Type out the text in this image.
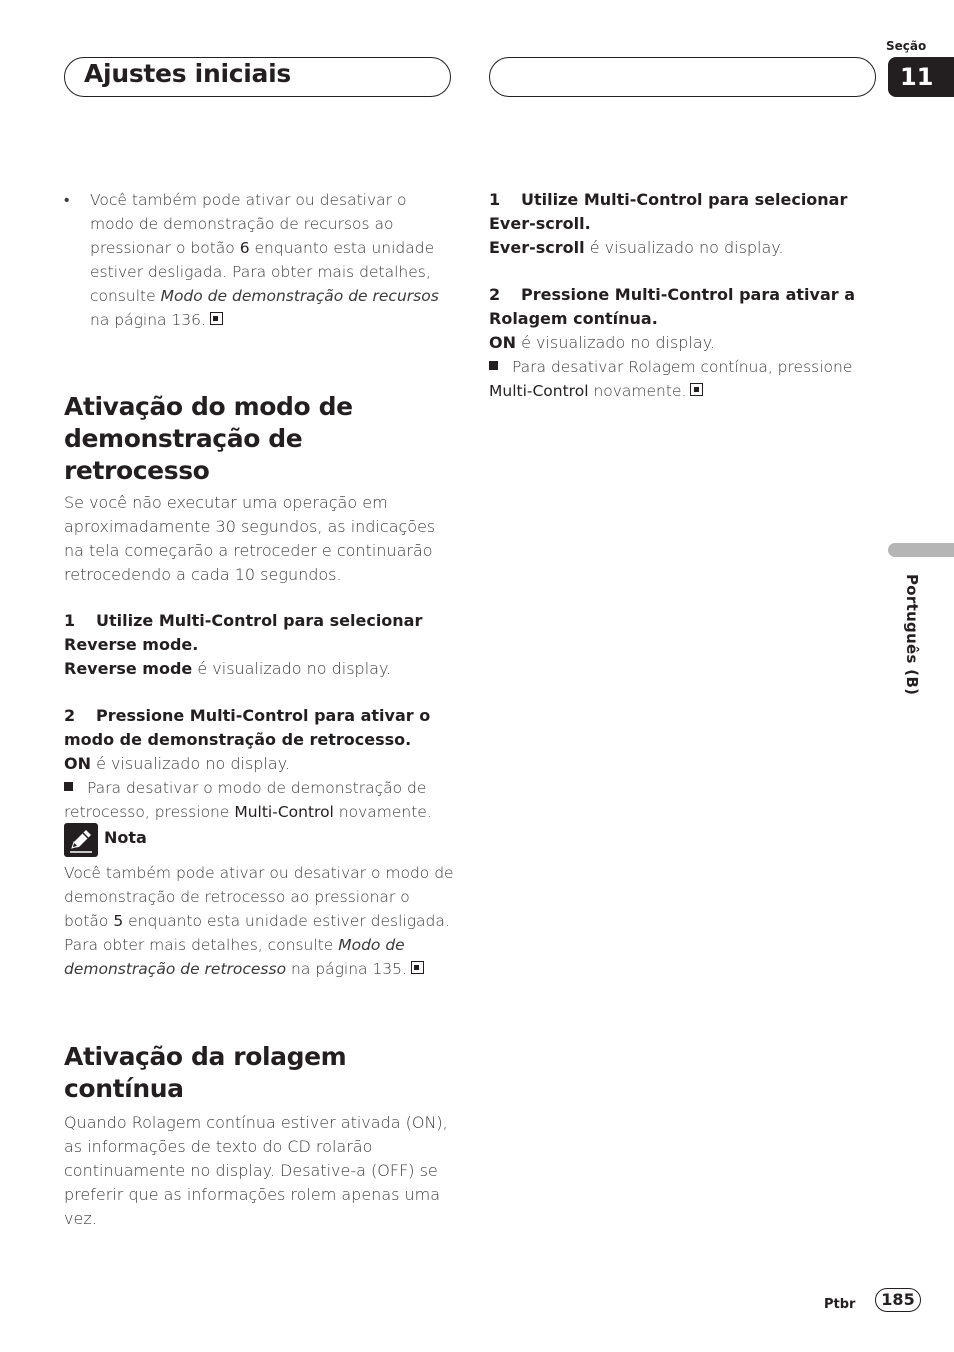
Ajustes iniciais
Seção
11
Português (B)
• Você também pode ativar ou desativar o modo de demonstração de recursos ao pressionar o botão 6 enquanto esta unidade estiver desligada. Para obter mais detalhes, consulte Modo de demonstração de recursos na página 136.

Ativação do modo de demonstração de retrocesso

Se você não executar uma operação em aproximadamente 30 segundos, as indicações na tela começarão a retroceder e continuarão retrocedendo a cada 10 segundos.

1 Utilize Multi-Control para selecionar Reverse mode.

Reverse mode é visualizado no display.

2 Pressione Multi-Control para ativar o modo de demonstração de retrocesso.

ON é visualizado no display.

Para desativar o modo de demonstração de retrocesso, pressione Multi-Control novamente.

Nota
Você também pode ativar ou desativar o modo de demonstração de retrocesso ao pressionar o botão 5 enquanto esta unidade estiver desligada. Para obter mais detalhes, consulte Modo de demonstração de retrocesso na página 135.

Ativação da rolagem contínua

Quando Rolagem contínua estiver ativada (ON), as informações de texto do CD rolarão continuamente no display. Desative-a (OFF) se preferir que as informações rolem apenas uma vez.

1 Utilize Multi-Control para selecionar Ever-scroll.

Ever-scroll é visualizado no display.

2 Pressione Multi-Control para ativar a Rolagem contínua.

ON é visualizado no display.

Para desativar Rolagem contínua, pressione Multi-Control novamente.

Ptbr	185
